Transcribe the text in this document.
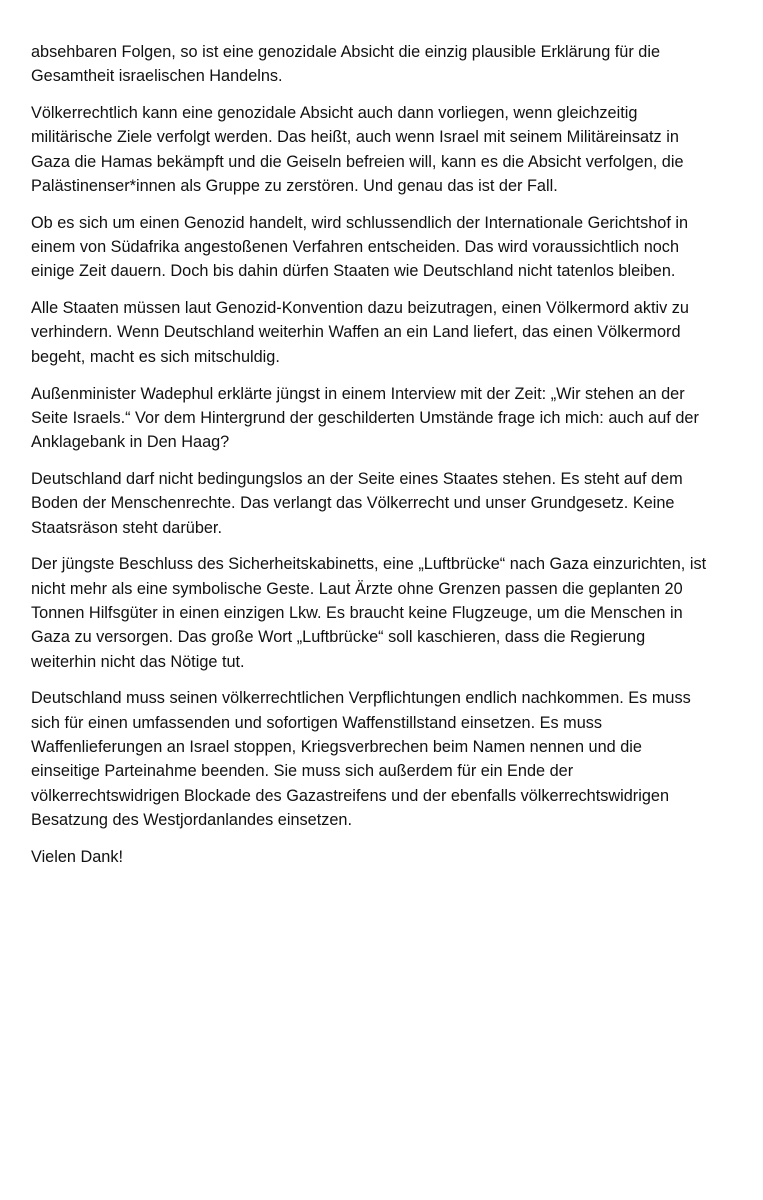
absehbaren Folgen, so ist eine genozidale Absicht die einzig plausible Erklärung für die
Gesamtheit israelischen Handelns.

Völkerrechtlich kann eine genozidale Absicht auch dann vorliegen, wenn gleichzeitig
militärische Ziele verfolgt werden. Das heißt, auch wenn Israel mit seinem Militäreinsatz in
Gaza die Hamas bekämpft und die Geiseln befreien will, kann es die Absicht verfolgen, die
Palästinenser*innen als Gruppe zu zerstören. Und genau das ist der Fall.

Ob es sich um einen Genozid handelt, wird schlussendlich der Internationale Gerichtshof in
einem von Südafrika angestoßenen Verfahren entscheiden. Das wird voraussichtlich noch
einige Zeit dauern. Doch bis dahin dürfen Staaten wie Deutschland nicht tatenlos bleiben.

Alle Staaten müssen laut Genozid-Konvention dazu beizutragen, einen Völkermord aktiv zu
verhindern. Wenn Deutschland weiterhin Waffen an ein Land liefert, das einen Völkermord
begeht, macht es sich mitschuldig.

Außenminister Wadephul erklärte jüngst in einem Interview mit der Zeit: „Wir stehen an der
Seite Israels.“ Vor dem Hintergrund der geschilderten Umstände frage ich mich: auch auf der
Anklagebank in Den Haag?

Deutschland darf nicht bedingungslos an der Seite eines Staates stehen. Es steht auf dem
Boden der Menschenrechte. Das verlangt das Völkerrecht und unser Grundgesetz. Keine
Staatsräson steht darüber.

Der jüngste Beschluss des Sicherheitskabinetts, eine „Luftbrücke“ nach Gaza einzurichten, ist
nicht mehr als eine symbolische Geste. Laut Ärzte ohne Grenzen passen die geplanten 20
Tonnen Hilfsgüter in einen einzigen Lkw. Es braucht keine Flugzeuge, um die Menschen in
Gaza zu versorgen. Das große Wort „Luftbrücke“ soll kaschieren, dass die Regierung
weiterhin nicht das Nötige tut.

Deutschland muss seinen völkerrechtlichen Verpflichtungen endlich nachkommen. Es muss
sich für einen umfassenden und sofortigen Waffenstillstand einsetzen. Es muss
Waffenlieferungen an Israel stoppen, Kriegsverbrechen beim Namen nennen und die
einseitige Parteinahme beenden. Sie muss sich außerdem für ein Ende der
völkerrechtswidrigen Blockade des Gazastreifens und der ebenfalls völkerrechtswidrigen
Besatzung des Westjordanlandes einsetzen.

Vielen Dank!
